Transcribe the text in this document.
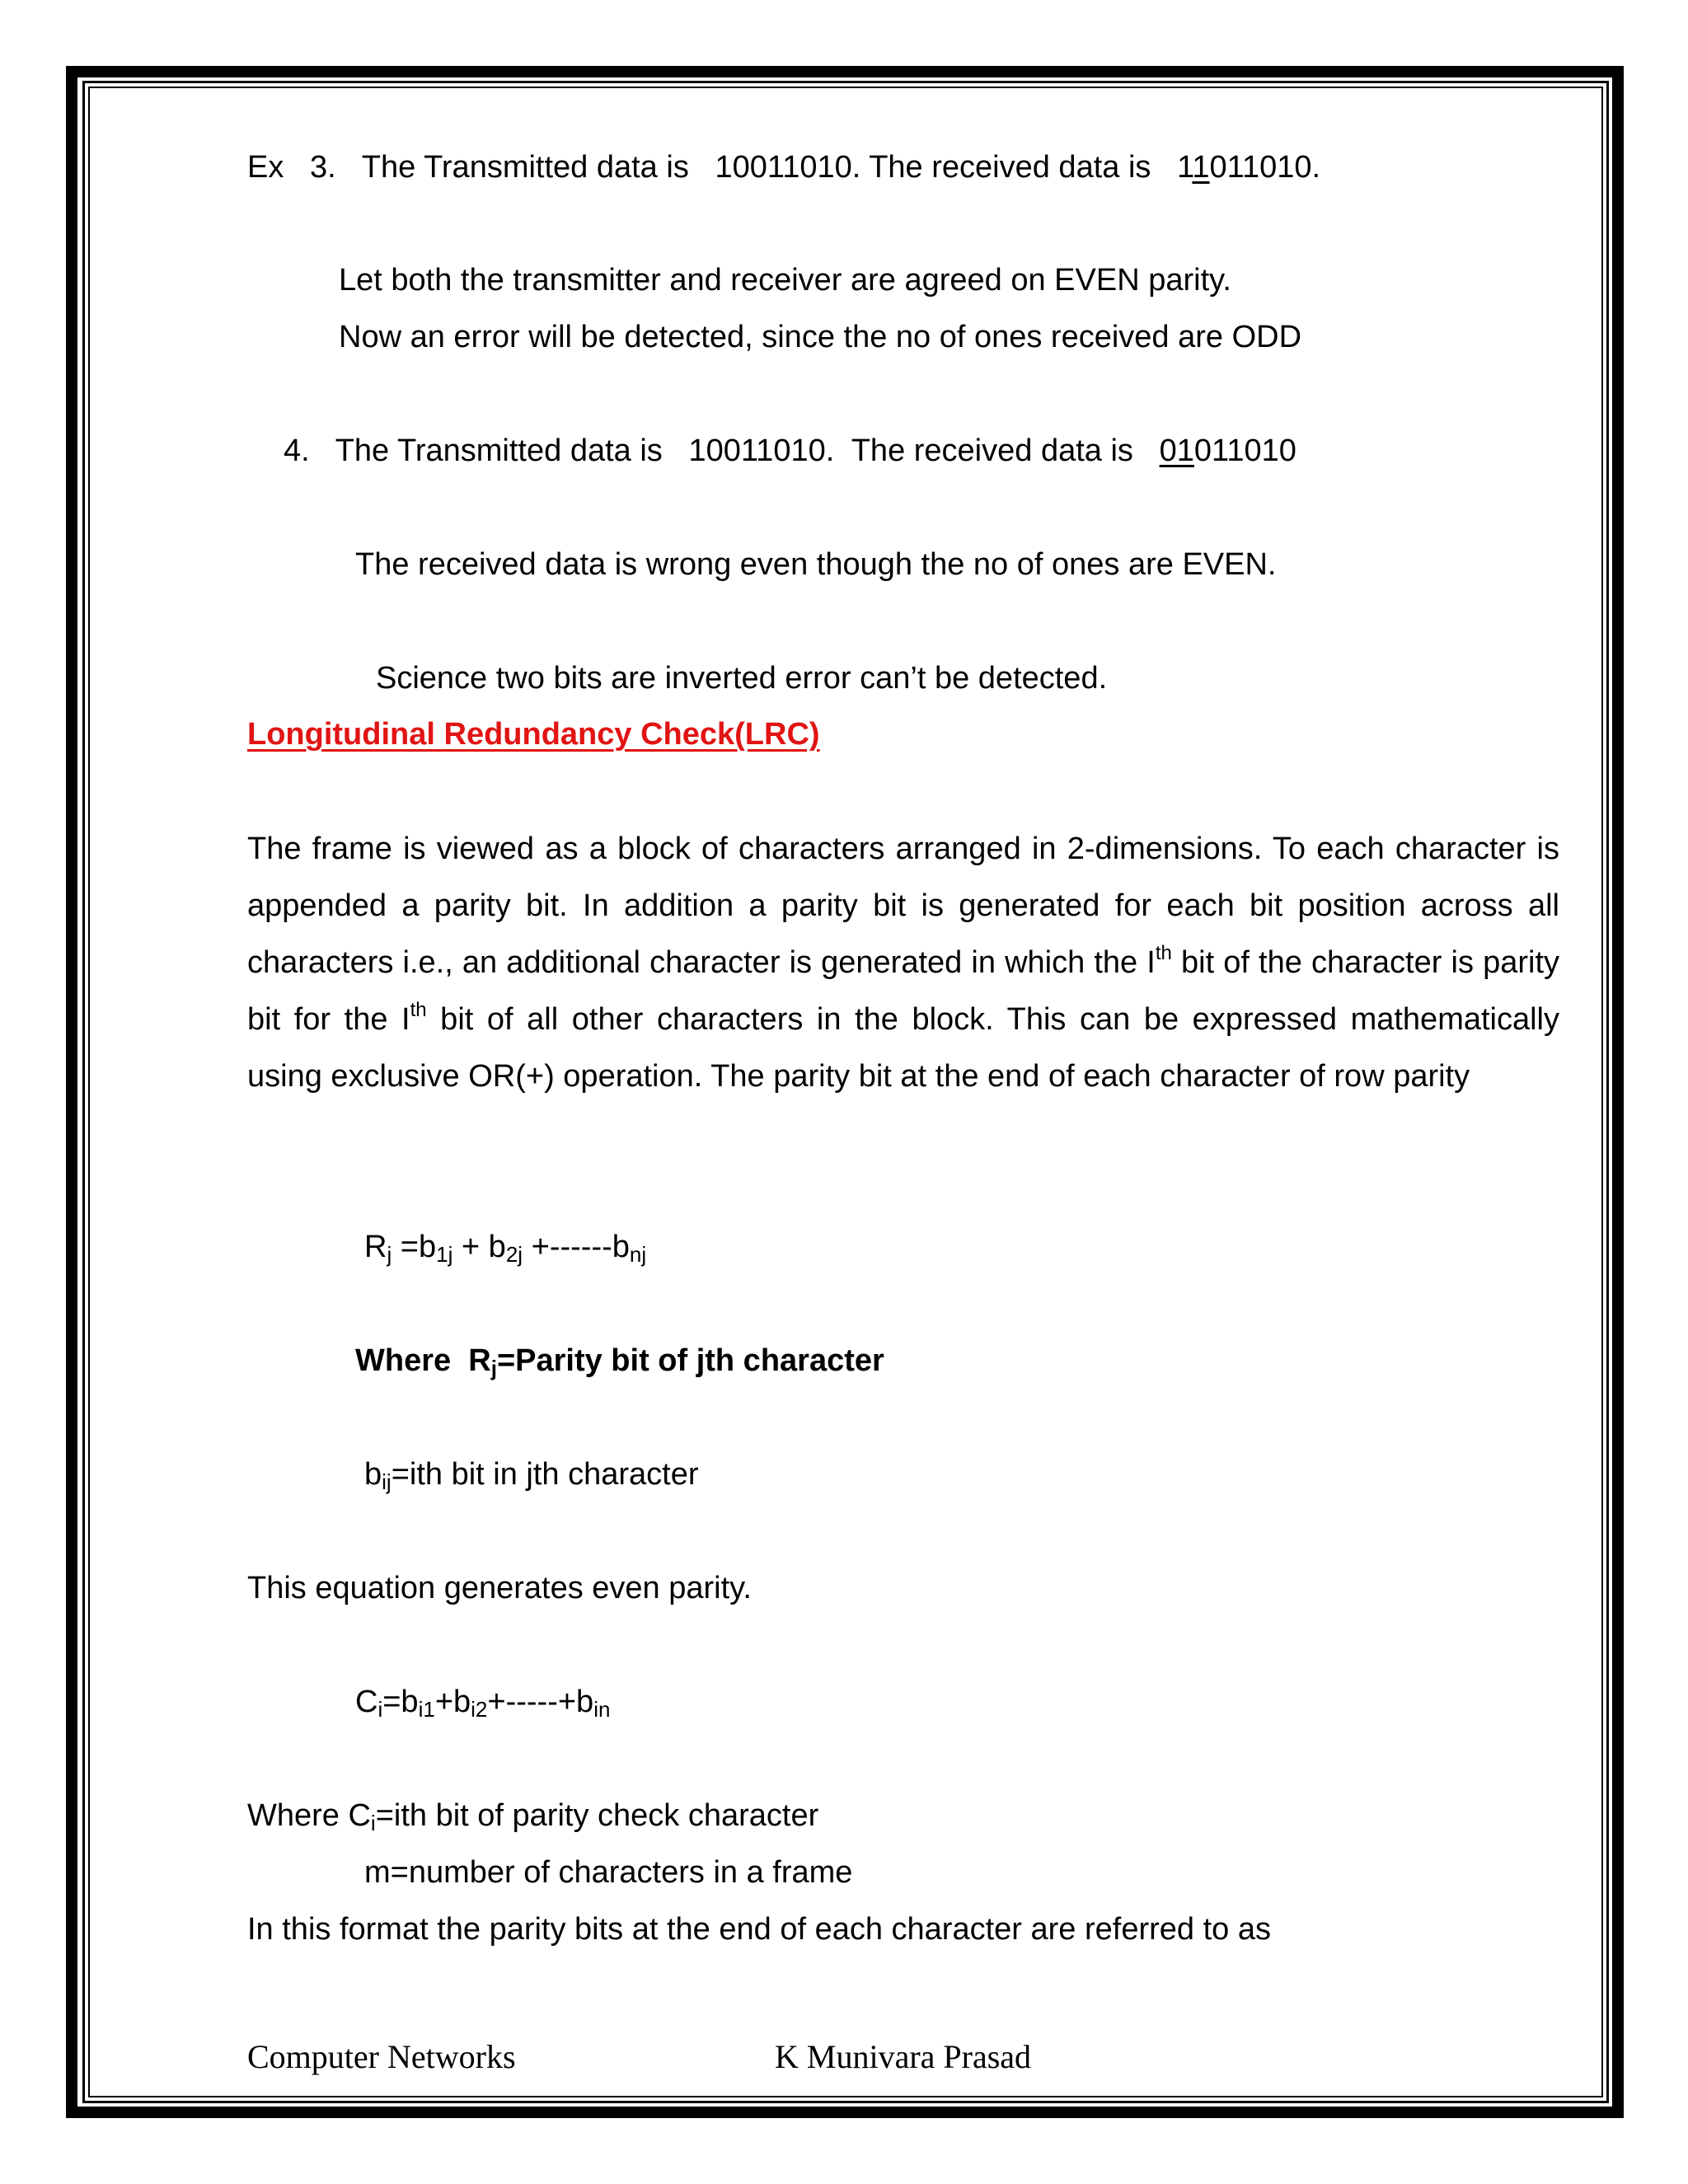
Ex 3. The Transmitted data is 10011010. The received data is 11011010.
Let both the transmitter and receiver are agreed on EVEN parity.
Now an error will be detected, since the no of ones received are ODD
4. The Transmitted data is 10011010. The received data is 01011010
The received data is wrong even though the no of ones are EVEN.
Science two bits are inverted error can’t be detected.
Longitudinal Redundancy Check(LRC)
The frame is viewed as a block of characters arranged in 2-dimensions. To each character is appended a parity bit. In addition a parity bit is generated for each bit position across all characters i.e., an additional character is generated in which the Ith bit of the character is parity bit for the Ith bit of all other characters in the block. This can be expressed mathematically using exclusive OR(+) operation. The parity bit at the end of each character of row parity
$R_j =b_{1j} + b_{2j} +------b_{nj}$
Where  $R_j=Parity$ bit of jth character
$b_{ij}=ith$ bit in jth character
This equation generates even parity.
$C_i=b_{i1}+b_{i2}+-----+b_{in}$
Where $C_i=ith$ bit of parity check character
m=number of characters in a frame
In this format the parity bits at the end of each character are referred to as
Computer Networks	K Munivara Prasad
